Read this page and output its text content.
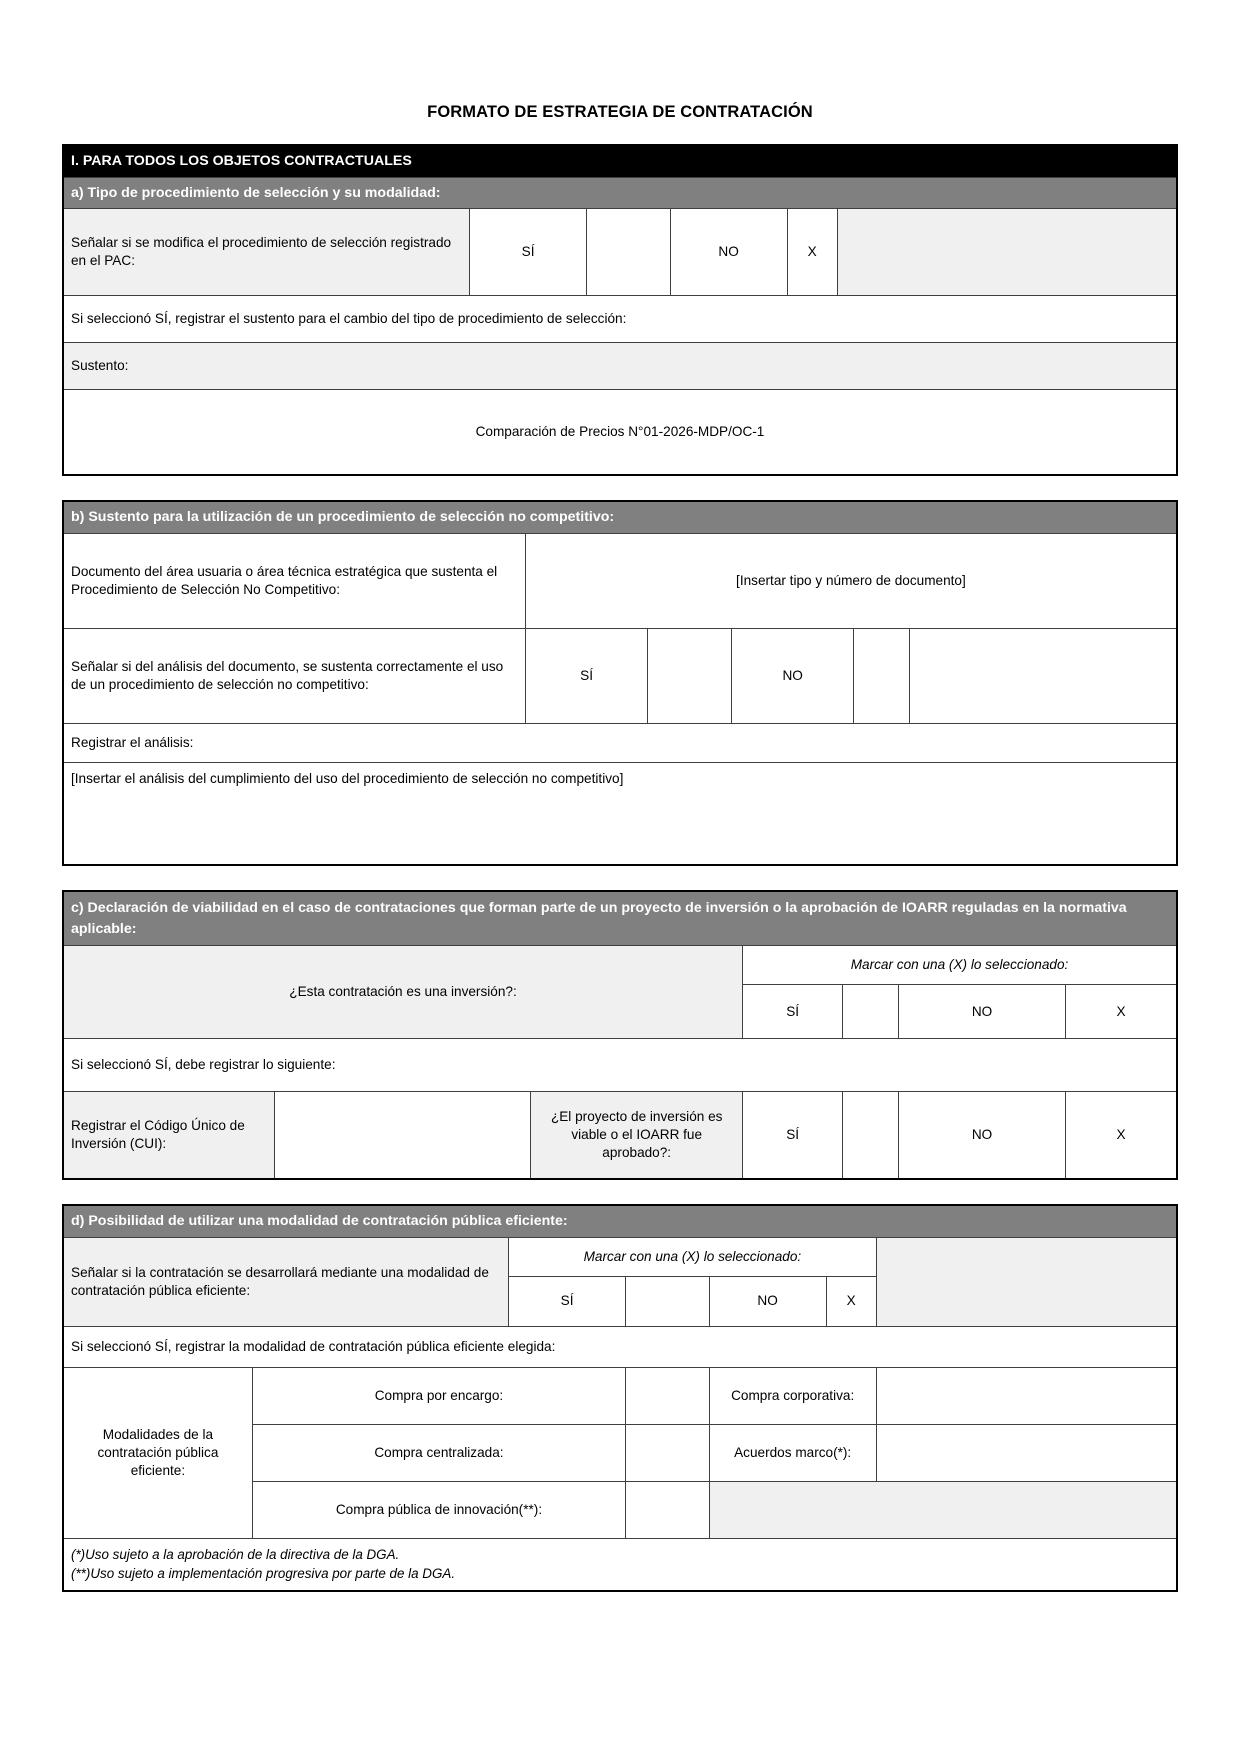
FORMATO DE ESTRATEGIA DE CONTRATACIÓN
I. PARA TODOS LOS OBJETOS CONTRACTUALES
a) Tipo de procedimiento de selección y su modalidad:
Señalar si se modifica el procedimiento de selección registrado en el PAC:	SÍ		NO	X	
Si seleccionó SÍ, registrar el sustento para el cambio del tipo de procedimiento de selección:
Sustento:
Comparación de Precios N°01-2026-MDP/OC-1
b) Sustento para la utilización de un procedimiento de selección no competitivo:					
Documento del área usuaria o área técnica estratégica que sustenta el Procedimiento de Selección No Competitivo:	[Insertar tipo y número de documento]				
Señalar si del análisis del documento, se sustenta correctamente el uso de un procedimiento de selección no competitivo:	SÍ		NO		
Registrar el análisis:					
[Insertar el análisis del cumplimiento del uso del procedimiento de selección no competitivo]					
c) Declaración de viabilidad en el caso de contrataciones que forman parte de un proyecto de inversión o la aprobación de IOARR reguladas en la normativa aplicable:						
¿Esta contratación es una inversión?:			Marcar con una (X) lo seleccionado:			
			SÍ		NO	X
Si seleccionó SÍ, debe registrar lo siguiente:						
Registrar el Código Único de Inversión (CUI):		¿El proyecto de inversión es viable o el IOARR fue aprobado?:	SÍ		NO	X
d) Posibilidad de utilizar una modalidad de contratación pública eficiente:						
Señalar si la contratación se desarrollará mediante una modalidad de contratación pública eficiente:		Marcar con una (X) lo seleccionado:				
		SÍ		NO	X	
Si seleccionó SÍ, registrar la modalidad de contratación pública eficiente elegida:						
Modalidades de la contratación pública eficiente:	Compra por encargo:			Compra corporativa:		
	Compra centralizada:			Acuerdos marco(*):		
	Compra pública de innovación(**):					

(*)Uso sujeto a la aprobación de la directiva de la DGA.
(**)Uso sujeto a implementación progresiva por parte de la DGA.						
